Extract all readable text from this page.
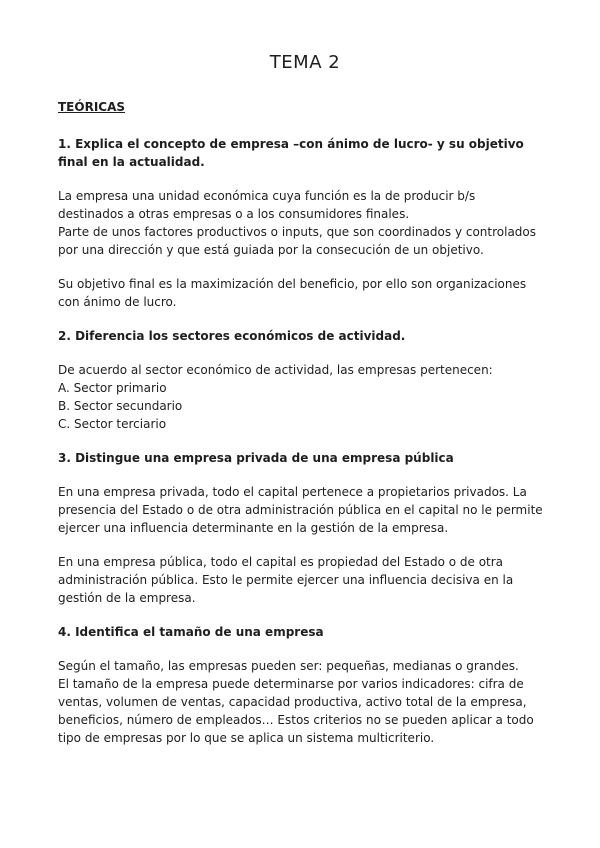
TEMA 2
TEÓRICAS
1. Explica el concepto de empresa –con ánimo de lucro- y su objetivo final en la actualidad.

La empresa una unidad económica cuya función es la de producir b/s destinados a otras empresas o a los consumidores finales.

Parte de unos factores productivos o inputs, que son coordinados y controlados por una dirección y que está guiada por la consecución de un objetivo.

Su objetivo final es la maximización del beneficio, por ello son organizaciones con ánimo de lucro.

2. Diferencia los sectores económicos de actividad.

De acuerdo al sector económico de actividad, las empresas pertenecen:

A. Sector primario
B. Sector secundario
C. Sector terciario
3. Distingue una empresa privada de una empresa pública

En una empresa privada, todo el capital pertenece a propietarios privados. La presencia del Estado o de otra administración pública en el capital no le permite ejercer una influencia determinante en la gestión de la empresa.

En una empresa pública, todo el capital es propiedad del Estado o de otra administración pública. Esto le permite ejercer una influencia decisiva en la gestión de la empresa.

4. Identifica el tamaño de una empresa

Según el tamaño, las empresas pueden ser: pequeñas, medianas o grandes.

El tamaño de la empresa puede determinarse por varios indicadores: cifra de ventas, volumen de ventas, capacidad productiva, activo total de la empresa, beneficios, número de empleados… Estos criterios no se pueden aplicar a todo tipo de empresas por lo que se aplica un sistema multicriterio.
